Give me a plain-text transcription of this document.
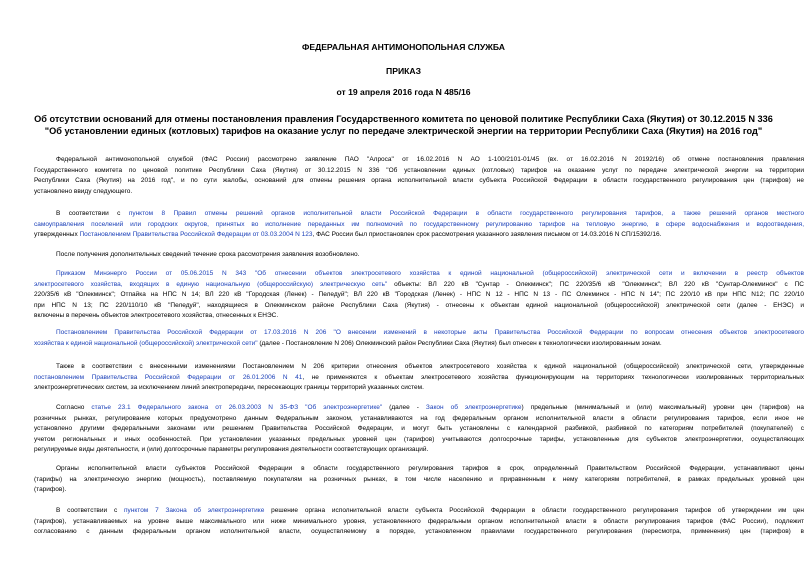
ФЕДЕРАЛЬНАЯ АНТИМОНОПОЛЬНАЯ СЛУЖБА
ПРИКАЗ
от 19 апреля 2016 года N 485/16
Об отсутствии оснований для отмены постановления правления Государственного комитета по ценовой политике Республики Саха (Якутия) от 30.12.2015 N 336
"Об установлении единых (котловых) тарифов на оказание услуг по передаче электрической энергии на территории Республики Саха (Якутия) на 2016 год"
Федеральной антимонопольной службой (ФАС России) рассмотрено заявление ПАО "Алроса" от 16.02.2016 N АО 1-100/2101-01/45 (вх. от 16.02.2016 N 20192/16) об отмене постановления правления
Государственного комитета по ценовой политике Республики Саха (Якутия) от 30.12.2015 N 336 "Об установлении единых (котловых) тарифов на оказание услуг по передаче электрической энергии на территории
Республики Саха (Якутия) на 2016 год", и по сути жалобы, оснований для отмены решения органа исполнительной власти субъекта Российской Федерации в области государственного регулирования цен (тарифов) не
установлено ввиду следующего.
В соответствии с пунктом 8 Правил отмены решений органов исполнительной власти Российской Федерации в области государственного регулирования тарифов, а также решений органов местного
самоуправления поселений или городских округов, принятых во исполнение переданных им полномочий по государственному регулированию тарифов на тепловую энергию, в сфере водоснабжения и водоотведения,
утвержденных Постановлением Правительства Российской Федерации от 03.03.2004 N 123, ФАС России был приостановлен срок рассмотрения указанного заявления письмом от 14.03.2016 N СП/15392/16.
После получения дополнительных сведений течение срока рассмотрения заявления возобновлено.
Приказом Минэнерго России от 05.06.2015 N 343 "Об отнесении объектов электросетевого хозяйства к единой национальной (общероссийской) электрической сети и включении в реестр объектов
электросетевого хозяйства, входящих в единую национальную (общероссийскую) электрическую сеть" объекты: ВЛ 220 кВ "Сунтар - Олекминск"; ПС 220/35/6 кВ "Олекминск"; ВЛ 220 кВ "Сунтар-Олекминск" с ПС
220/35/6 кВ "Олекминск"; Отпайка на НПС N 14; ВЛ 220 кВ "Городская (Ленек) - Пеледуй"; ВЛ 220 кВ "Городская (Ленек) - НПС N 12 - НПС N 13 - ПС Олекминск - НПС N 14"; ПС 220/10 кВ при НПС N12; ПС 220/10
при НПС N 13; ПС 220/110/10 кВ "Пеледуй", находящиеся в Олекминском районе Республики Саха (Якутия) - отнесены к объектам единой национальной (общероссийской) электрической сети (далее - ЕНЭС) и
включены в перечень объектов электросетевого хозяйства, отнесенных к ЕНЭС.
Постановлением Правительства Российской Федерации от 17.03.2016 N 206 "О внесении изменений в некоторые акты Правительства Российской Федерации по вопросам отнесения объектов электросетевого
хозяйства к единой национальной (общероссийской) электрической сети" (далее - Постановление N 206) Олекминский район Республики Саха (Якутия) был отнесен к технологически изолированным зонам.
Также в соответствии с внесенными изменениями Постановлением N 206 критерии отнесения объектов электросетевого хозяйства к единой национальной (общероссийской) электрической сети, утвержденные
постановлением Правительства Российской Федерации от 26.01.2006 N 41, не применяются к объектам электросетевого хозяйства функционирующим на территориях технологически изолированных территориальных
электроэнергетических систем, за исключением линий электропередачи, пересекающих границы территорий указанных систем.
Согласно статье 23.1 Федерального закона от 26.03.2003 N 35-ФЗ "Об электроэнергетике" (далее - Закон об электроэнергетике) предельные (минимальный и (или) максимальный) уровни цен (тарифов) на
розничных рынках, регулирование которых предусмотрено данным Федеральным законом, устанавливаются на год федеральным органом исполнительной власти в области регулирования тарифов, если иное не
установлено другими федеральными законами или решением Правительства Российской Федерации, и могут быть установлены с календарной разбивкой, разбивкой по категориям потребителей (покупателей) с
учетом региональных и иных особенностей. При установлении указанных предельных уровней цен (тарифов) учитываются долгосрочные тарифы, установленные для субъектов электроэнергетики, осуществляющих
регулируемые виды деятельности, и (или) долгосрочные параметры регулирования деятельности соответствующих организаций.
Органы исполнительной власти субъектов Российской Федерации в области государственного регулирования тарифов в срок, определенный Правительством Российской Федерации, устанавливают цены
(тарифы) на электрическую энергию (мощность), поставляемую покупателям на розничных рынках, в том числе населению и приравненным к нему категориям потребителей, в рамках предельных уровней цен
(тарифов).
В соответствии с пунктом 7 Закона об электроэнергетике решение органа исполнительной власти субъекта Российской Федерации в области государственного регулирования тарифов об утверждении им цен
(тарифов), устанавливаемых на уровне выше максимального или ниже минимального уровня, установленного федеральным органом исполнительной власти в области регулирования тарифов (ФАС России), подлежит
согласованию с данным федеральным органом исполнительной власти, осуществляемому в порядке, установленном правилами государственного регулирования (пересмотра, применения) цен (тарифов) в
